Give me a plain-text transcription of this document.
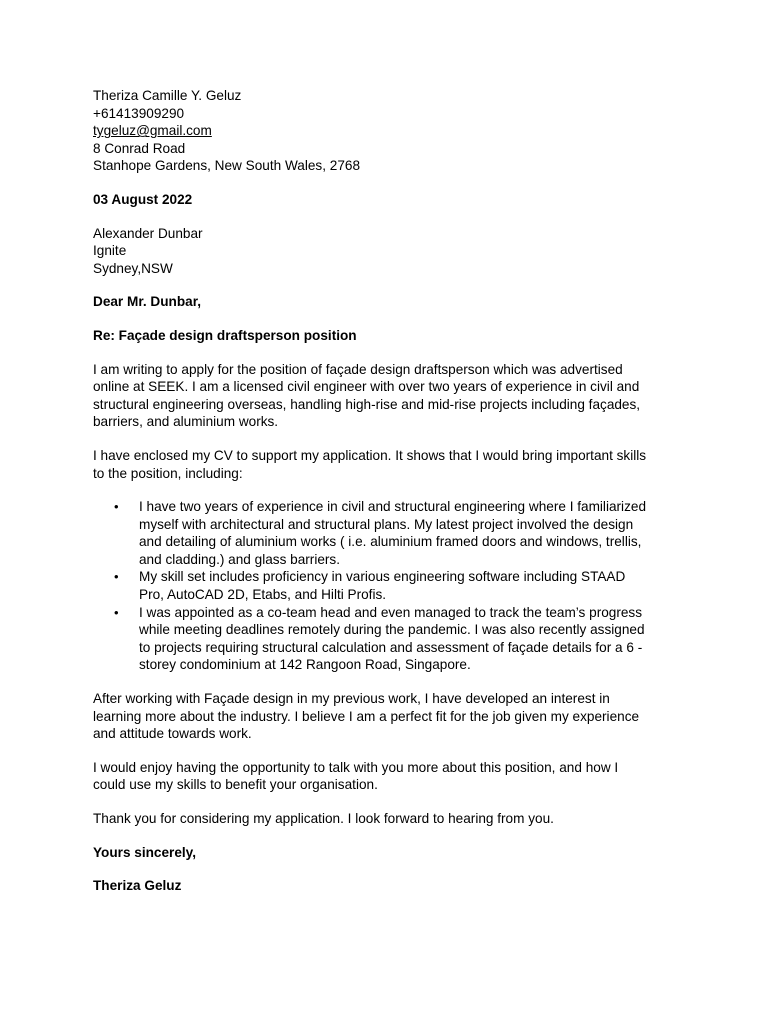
Theriza Camille Y. Geluz
+61413909290
tygeluz@gmail.com
8 Conrad Road
Stanhope Gardens, New South Wales, 2768
03 August 2022
Alexander Dunbar
Ignite
Sydney,NSW
Dear Mr. Dunbar,
Re: Façade design draftsperson position
I am writing to apply for the position of façade design draftsperson which was advertised
online at SEEK. I am a licensed civil engineer with over two years of experience in civil and
structural engineering overseas, handling high-rise and mid-rise projects including façades,
barriers, and aluminium works.
I have enclosed my CV to support my application. It shows that I would bring important skills
to the position, including:
• I have two years of experience in civil and structural engineering where I familiarized
myself with architectural and structural plans. My latest project involved the design
and detailing of aluminium works ( i.e. aluminium framed doors and windows, trellis,
and cladding.) and glass barriers.
• My skill set includes proficiency in various engineering software including STAAD
Pro, AutoCAD 2D, Etabs, and Hilti Profis.
• I was appointed as a co-team head and even managed to track the team’s progress
while meeting deadlines remotely during the pandemic. I was also recently assigned
to projects requiring structural calculation and assessment of façade details for a 6 -
storey condominium at 142 Rangoon Road, Singapore.
After working with Façade design in my previous work, I have developed an interest in
learning more about the industry. I believe I am a perfect fit for the job given my experience
and attitude towards work.
I would enjoy having the opportunity to talk with you more about this position, and how I
could use my skills to benefit your organisation.
Thank you for considering my application. I look forward to hearing from you.
Yours sincerely,
Theriza Geluz
